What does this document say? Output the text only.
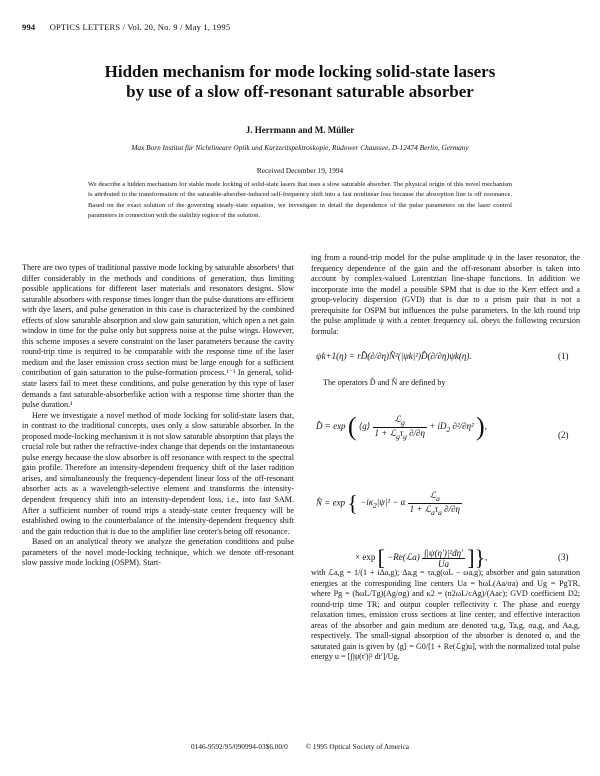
994 OPTICS LETTERS / Vol. 20, No. 9 / May 1, 1995
Hidden mechanism for mode locking solid-state lasers
by use of a slow off-resonant saturable absorber
J. Herrmann and M. Müller
Max Born Institut für Nichtlineare Optik und Kurzzeitspektroskopie, Rudower Chaussee, D-12474 Berlin, Germany
Received December 19, 1994
We describe a hidden mechanism for stable mode locking of solid-state lasers that uses a slow saturable absorber. The physical origin of this novel mechanism is attributed to the transformation of the saturable-absorber-induced self-frequency shift into a fast nonlinear loss because the absorption line is off resonance. Based on the exact solution of the governing steady-state equation, we investigate in detail the dependence of the pulse parameters on the laser control parameters in connection with the stability region of the solution.

There are two types of traditional passive mode locking by saturable absorbers¹ that differ considerably in the methods and conditions of generation, thus limiting possible applications for different laser materials and resonators designs. Slow saturable absorbers with response times longer than the pulse durations are efficient with dye lasers, and pulse generation in this case is characterized by the combined effects of slow saturable absorption and slow gain saturation, which open a net gain window in time for the pulse only but suppress noise at the pulse wings. However, this scheme imposes a severe constraint on the laser parameters because the cavity round-trip time is required to be comparable with the response time of the laser medium and the laser emission cross section must be large enough for a sufficient contribution of gain saturation to the pulse-formation process.¹⁻³ In general, solid-state lasers fail to meet these conditions, and pulse generation by this type of laser demands a fast saturable-absorberlike action with a response time shorter than the pulse duration.¹

Here we investigate a novel method of mode locking for solid-state lasers that, in contrast to the traditional concepts, uses only a slow saturable absorber. In the proposed mode-locking mechanism it is not slow saturable absorption that plays the crucial role but rather the refractive-index change that depends on the instantaneous pulse energy because the slow absorber is off resonance with respect to the spectral gain profile. Therefore an intensity-dependent frequency shift of the laser radition arises, and simultaneously the frequency-dependent linear loss of the off-resonant absorber acts as a wavelength-selective element and transforms the intensity-dependent frequency shift into an intensity-dependent loss, i.e., into fast SAM. After a sufficient number of round trips a steady-state center frequency will be established owing to the counterbalance of the intensity-dependent frequency shift and the gain reduction that is due to the amplifier line center's being off resonance.

Based on an analytical theory we analyze the generation conditions and pulse parameters of the novel mode-locking technique, which we denote off-resonant slow passive mode locking (OSPM). Start-

ing from a round-trip model for the pulse amplitude ψ in the laser resonator, the frequency dependence of the gain and the off-resonant absorber is taken into account by complex-valued Lorentzian line-shape functions. In addition we incorporate into the model a possible SPM that is due to the Kerr effect and a group-velocity dispersion (GVD) that is due to a prism pair that is not a prerequisite for OSPM but influences the pulse parameters. In the kth round trip the pulse amplitude ψ with a center frequency ωL obeys the following recursion formula:

ψk+1(η) = rD̂(∂/∂η)N̂²(|ψk|²)D̂(∂/∂η)ψk(η).	(1)
The operators D̂ and N̂ are defined by
D̂ = exp ( ⟨g⟩ $\frac{ℒ_g}{1 + ℒ_g\tau_g \partial/\partial\eta} + iD_2$ ∂²/∂η² ),
(2)
N̂ = exp { $-i\kappa_2|\psi|^2 - \alpha \frac{ℒ_a}{1 + ℒ_a\tau_a \partial/\partial\eta}$
× exp [ −Re(ℒa) $\frac{\text{∫|ψ(η′)|²dη′}}{Ua}$ ]},	(3)

with ℒa,g = 1/(1 + iΔa,g); Δa,g = τa,g(ωL − ωa,g); absorber and gain saturation energies at the corresponding line centers Ua = ħωL(Aa/σa) and Ug = PgTR, where Pg = (ħωL/Tg)(Ag/σg) and κ2 = (n2ωL/cAg)/(Aac); GVD coefficient D2; round-trip time TR; and output coupler reflectivity r. The phase and energy relaxation times, emission cross sections at line center, and effective interaction areas of the absorber and gain medium are denoted τa,g, Ta,g, σa,g, and Aa,g, respectively. The small-signal absorption of the absorber is denoted α, and the saturated gain is given by ⟨g⟩ = G0/[1 + Re(ℒg)u], with the normalized total pulse energy u = [∫|ψ(t′)|² dt′]/Ug.

0146-9592/95/090994-03$6.00/0 © 1995 Optical Society of America
